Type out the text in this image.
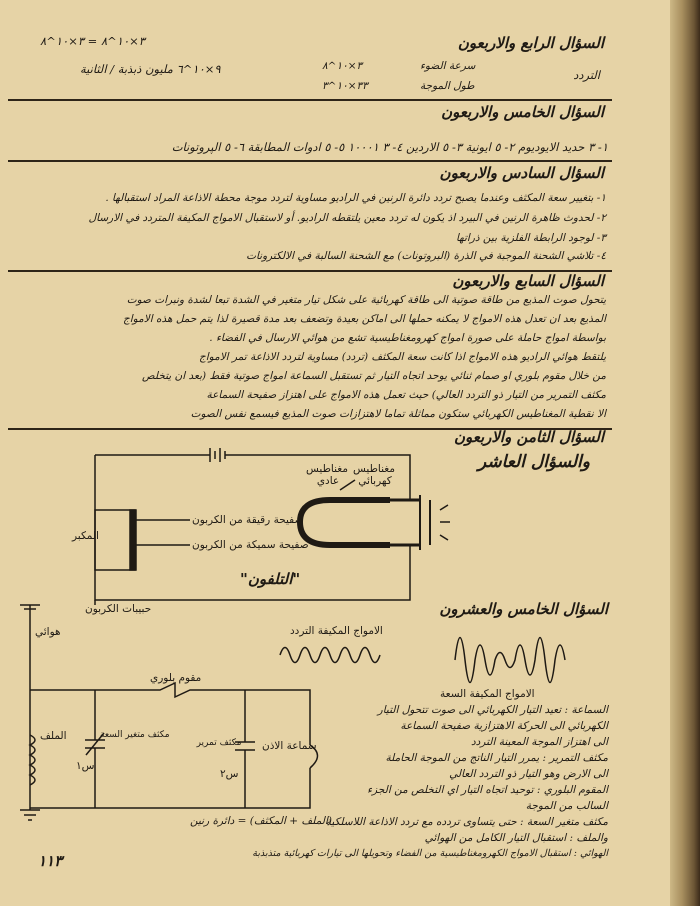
السؤال الرابع والاربعون
٣×١٠^٨ = ٣×١٠^٨
التردد
سرعة الضوء
طول الموجة
٣×١٠^٨
٣٣×١٠^٣
٩×١٠^٦ مليون ذبذبة / الثانية
السؤال الخامس والاربعون
١- ٣ حديد الايوديوم ٢- ٥ ايونية ٣- ٥ الاردين ٤- ٣ ١٠٠٠١ ٥- ٥ ادوات المطابقة ٦- ٥ الپروتونات
السؤال السادس والاربعون
١- بتغيير سعة المكثف وعندما يصبح تردد دائرة الرنين في الراديو مساوية لتردد موجة محطة الاذاعة المراد استقبالها .
٢- لحدوث ظاهرة الرنين في البيرد اذ يكون له تردد معين يلتقطه الراديو. أو لاستقبال الامواج المكيفة المتردد في الارسال
٣- لوجود الرابطة الفلزية بين ذراتها
٤- تلاشي الشحنة الموجبة في الذرة (البروتونات) مع الشحنة السالبة في الالكترونات
السؤال السابع والاربعون
يتحول صوت المذيع من طاقة صوتية الى طاقة كهربائية على شكل تيار متغير في الشدة تبعا لشدة ونبرات صوت
المذيع بعد ان تعدل هذه الامواج لا يمكنه حملها الى اماكن بعيدة وتضعف بعد مدة قصيرة لذا يتم حمل هذه الامواج
بواسطة امواج حاملة على صورة امواج كهرومغناطيسية تشع من هوائي الارسال في الفضاء .
يلتقط هوائي الراديو هذه الامواج اذا كانت سعة المكثف (تردد) مساوية لتردد الاذاعة تمر الامواج
من خلال مقوم بلوري او صمام ثنائي يوحد اتجاه التيار ثم تستقبل السماعة امواج صوتية فقط (بعد ان يتخلص
مكثف التمرير من التيار ذو التردد العالي) حيث تعمل هذه الامواج على اهتزاز صفيحة السماعة
الا نقطية المغناطيس الكهربائي ستكون مماثلة تماما لاهتزازات صوت المذيع فيسمع نفس الصوت
السؤال الثامن والاربعون
والسؤال العاشر
مغناطيس كهربائي
مغناطيس عادي
صفيحة رقيقة من الكربون
صفيحة سميكة من الكربون
حبيبات الكربون
المكبر
"التلفون"
السؤال الخامس والعشرون
الامواج المكيفة التردد
الامواج المكيفة السعة
هوائي
مقوم بلوري
مكثف متغير السعة
س١
الملف
مكثف تمرير
س٢
سماعة الاذن
(الملف + المكثف) = دائرة رنين
السماعة : تعيد التيار الكهربائي الى صوت تتحول التيار
الكهربائي الى الحركة الاهتزازية صفيحة السماعة
الى اهتزاز الموجة المعينة التردد
مكثف التمرير : يمرر التيار الناتج من الموجة الحاملة
الى الارض وهو التيار ذو التردد العالي
المقوم البلوري : توحيد اتجاه التيار اي التخلص من الجزء
السالب من الموجة
مكثف متغير السعة : حتى يتساوى تردده مع تردد الاذاعة اللاسلكية
والملف : استقبال التيار الكامل من الهوائي
الهوائي : استقبال الامواج الكهرومغناطيسية من الفضاء وتحويلها الى تيارات كهربائية متذبذبة
١١٣
